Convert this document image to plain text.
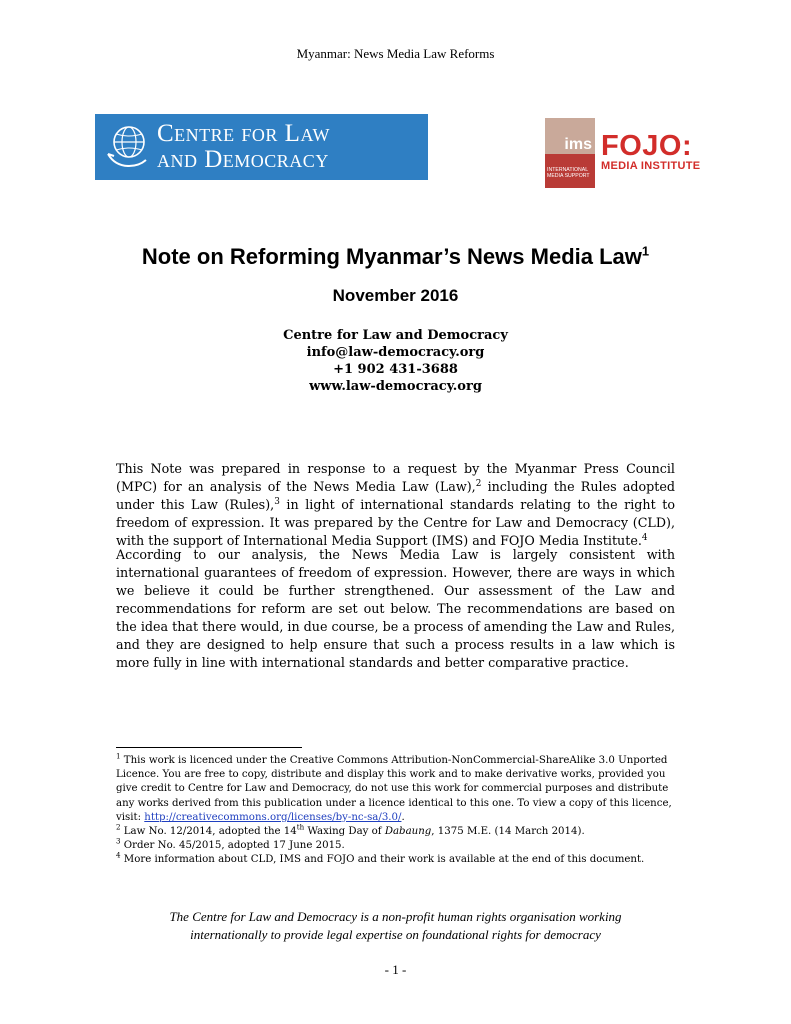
Myanmar: News Media Law Reforms
Centre for Law
and Democracy
ims
INTERNATIONAL
MEDIA SUPPORT
FOJO:
MEDIA INSTITUTE
Note on Reforming Myanmar’s News Media Law$^1$
November 2016
Centre for Law and Democracy
info@law-democracy.org
+1 902 431-3688
www.law-democracy.org
This Note was prepared in response to a request by the Myanmar Press Council (MPC) for an analysis of the News Media Law (Law),$^2$ including the Rules adopted under this Law (Rules),$^3$ in light of international standards relating to the right to freedom of expression. It was prepared by the Centre for Law and Democracy (CLD), with the support of International Media Support (IMS) and FOJO Media Institute.$^4$
According to our analysis, the News Media Law is largely consistent with international guarantees of freedom of expression. However, there are ways in which we believe it could be further strengthened. Our assessment of the Law and recommendations for reform are set out below. The recommendations are based on the idea that there would, in due course, be a process of amending the Law and Rules, and they are designed to help ensure that such a process results in a law which is more fully in line with international standards and better comparative practice.

$^1$ This work is licenced under the Creative Commons Attribution-NonCommercial-ShareAlike 3.0 Unported Licence. You are free to copy, distribute and display this work and to make derivative works, provided you give credit to Centre for Law and Democracy, do not use this work for commercial purposes and distribute any works derived from this publication under a licence identical to this one. To view a copy of this licence, visit: http://creativecommons.org/licenses/by-nc-sa/3.0/.

$^2$ Law No. 12/2014, adopted the 14th Waxing Day of Dabaung, 1375 M.E. (14 March 2014).

$^3$ Order No. 45/2015, adopted 17 June 2015.

$^4$ More information about CLD, IMS and FOJO and their work is available at the end of this document.

The Centre for Law and Democracy is a non-profit human rights organisation working
internationally to provide legal expertise on foundational rights for democracy
- 1 -
